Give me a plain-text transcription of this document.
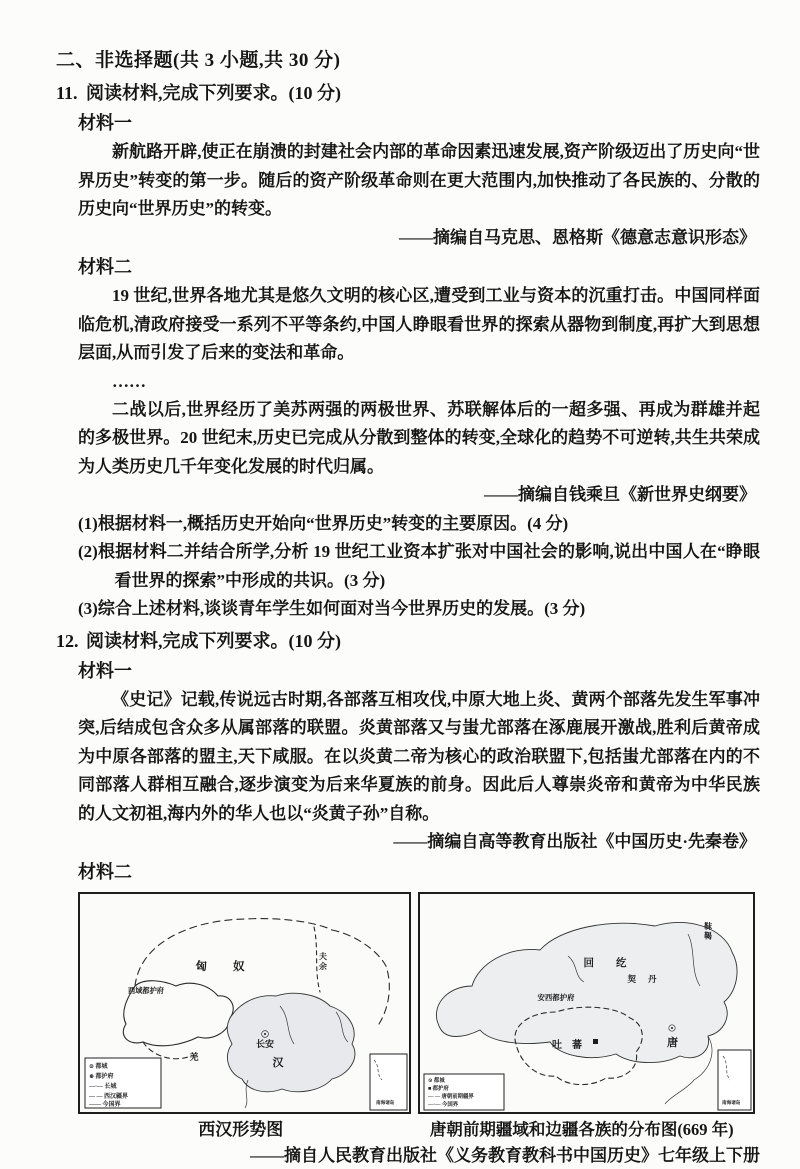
二、非选择题(共 3 小题,共 30 分)
11. 阅读材料,完成下列要求。(10 分)
材料一

新航路开辟,使正在崩溃的封建社会内部的革命因素迅速发展,资产阶级迈出了历史向“世界历史”转变的第一步。随后的资产阶级革命则在更大范围内,加快推动了各民族的、分散的历史向“世界历史”的转变。

——摘编自马克思、恩格斯《德意志意识形态》

材料二

19 世纪,世界各地尤其是悠久文明的核心区,遭受到工业与资本的沉重打击。中国同样面临危机,清政府接受一系列不平等条约,中国人睁眼看世界的探索从器物到制度,再扩大到思想层面,从而引发了后来的变法和革命。

……

二战以后,世界经历了美苏两强的两极世界、苏联解体后的一超多强、再成为群雄并起的多极世界。20 世纪末,历史已完成从分散到整体的转变,全球化的趋势不可逆转,共生共荣成为人类历史几千年变化发展的时代归属。

——摘编自钱乘旦《新世界史纲要》

(1)根据材料一,概括历史开始向“世界历史”转变的主要原因。(4 分)

(2)根据材料二并结合所学,分析 19 世纪工业资本扩张对中国社会的影响,说出中国人在“睁眼看世界的探索”中形成的共识。(3 分)

(3)综合上述材料,谈谈青年学生如何面对当今世界历史的发展。(3 分)

12. 阅读材料,完成下列要求。(10 分)
材料一

《史记》记载,传说远古时期,各部落互相攻伐,中原大地上炎、黄两个部落先发生军事冲突,后结成包含众多从属部落的联盟。炎黄部落又与蚩尤部落在涿鹿展开激战,胜利后黄帝成为中原各部落的盟主,天下咸服。在以炎黄二帝为核心的政治联盟下,包括蚩尤部落在内的不同部落人群相互融合,逐步演变为后来华夏族的前身。因此后人尊崇炎帝和黄帝为中华民族的人文初祖,海内外的华人也以“炎黄子孙”自称。

——摘编自高等教育出版社《中国历史·先秦卷》

材料二
匈奴	夫余
西域都护府
长安
汉
羌
⊙ 都城
⊕ 都护府
—·— 长城
— — 西汉疆界
—— 今国界	南海诸岛
回纥
契丹
靺鞨
安西都护府
吐蕃	唐
⊙ 都城
■ 都护府
— — 唐朝前期疆界
—·— 今国界	南海诸岛
西汉形势图	唐朝前期疆域和边疆各族的分布图(669 年)

——摘自人民教育出版社《义务教育教科书中国历史》七年级上下册
